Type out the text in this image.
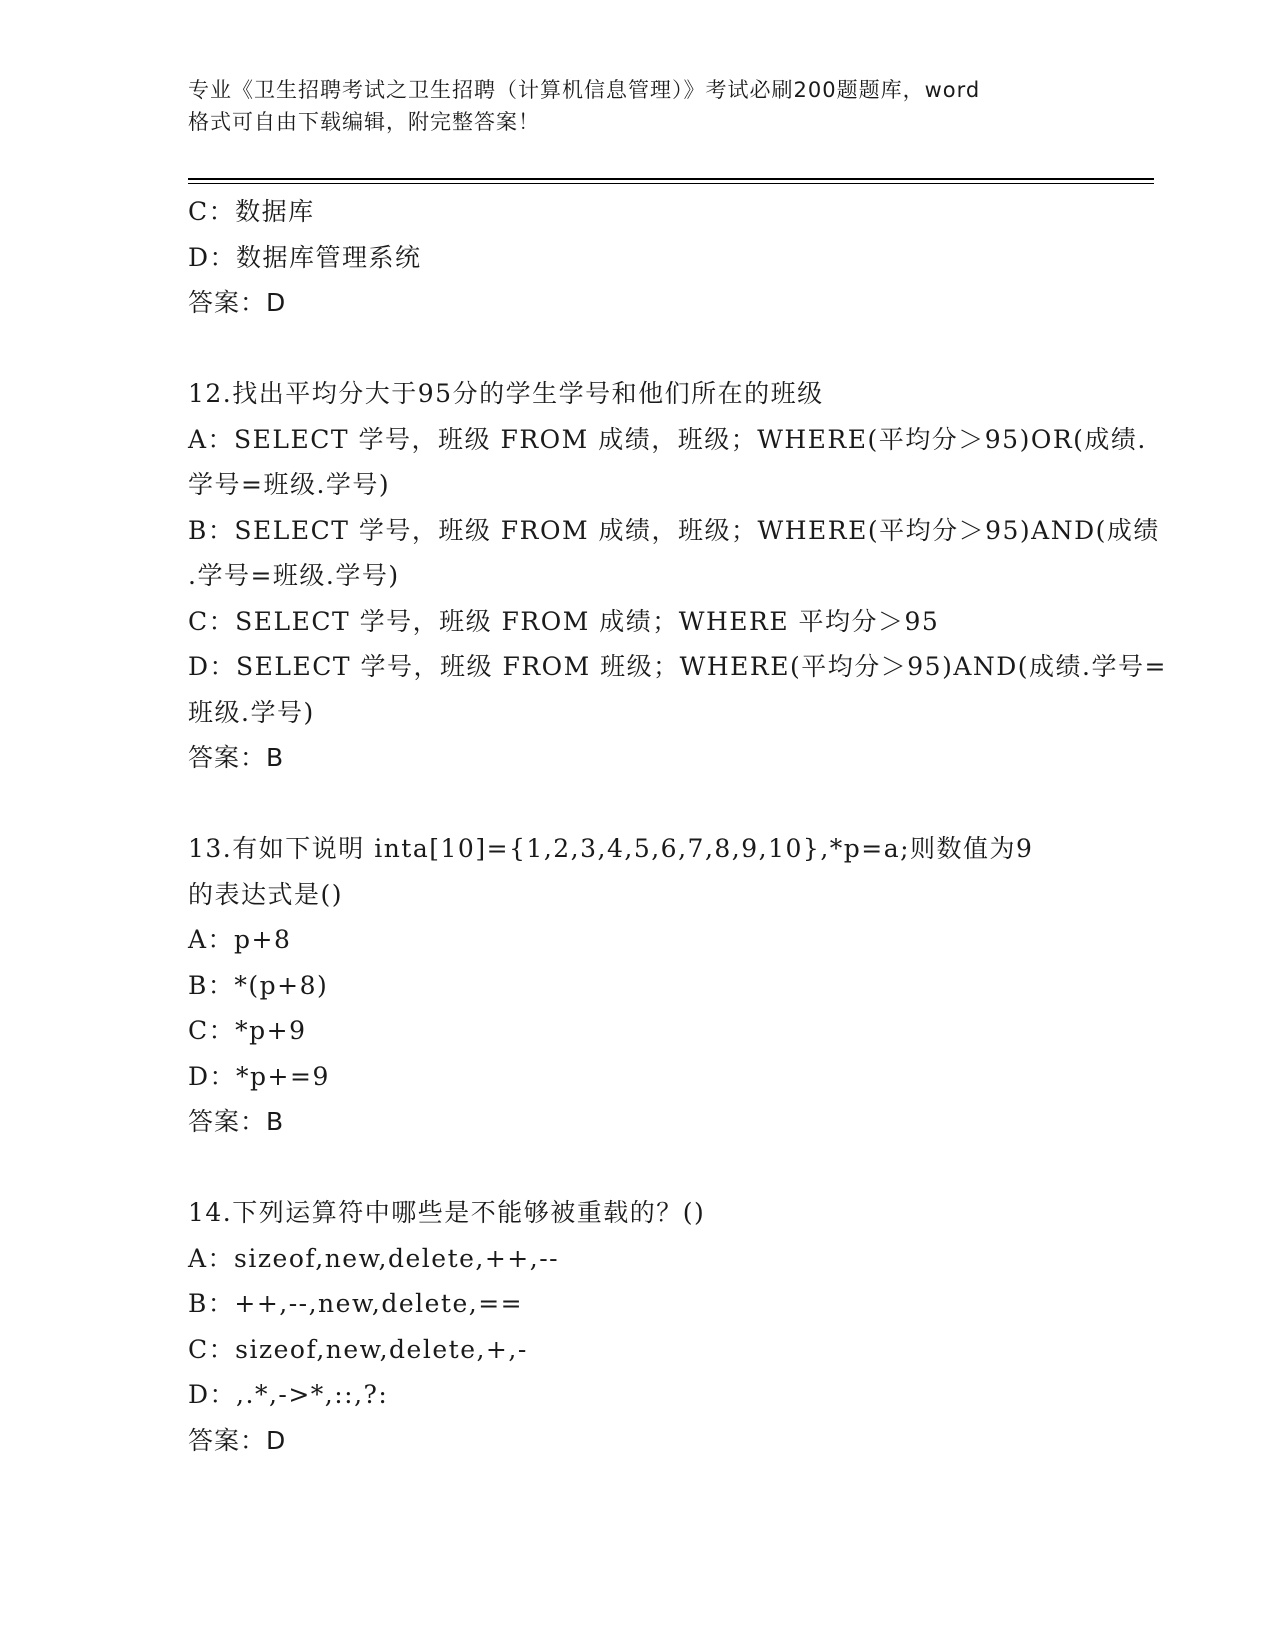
专业《卫生招聘考试之卫生招聘（计算机信息管理）》考试必刷200题题库，word
格式可自由下载编辑，附完整答案！
C：数据库
D：数据库管理系统
答案：D
12.找出平均分大于95分的学生学号和他们所在的班级
A：SELECT 学号，班级 FROM 成绩，班级；WHERE(平均分＞95)OR(成绩.
学号=班级.学号)
B：SELECT 学号，班级 FROM 成绩，班级；WHERE(平均分＞95)AND(成绩
.学号=班级.学号)
C：SELECT 学号，班级 FROM 成绩；WHERE 平均分＞95
D：SELECT 学号，班级 FROM 班级；WHERE(平均分＞95)AND(成绩.学号=
班级.学号)
答案：B
13.有如下说明 inta[10]={1,2,3,4,5,6,7,8,9,10},*p=a;则数值为9
的表达式是()
A：p+8
B：*(p+8)
C：*p+9
D：*p+=9
答案：B
14.下列运算符中哪些是不能够被重载的？()
A：sizeof,new,delete,++,--
B：++,--,new,delete,==
C：sizeof,new,delete,+,-
D：,.*,->*,::,?:
答案：D
